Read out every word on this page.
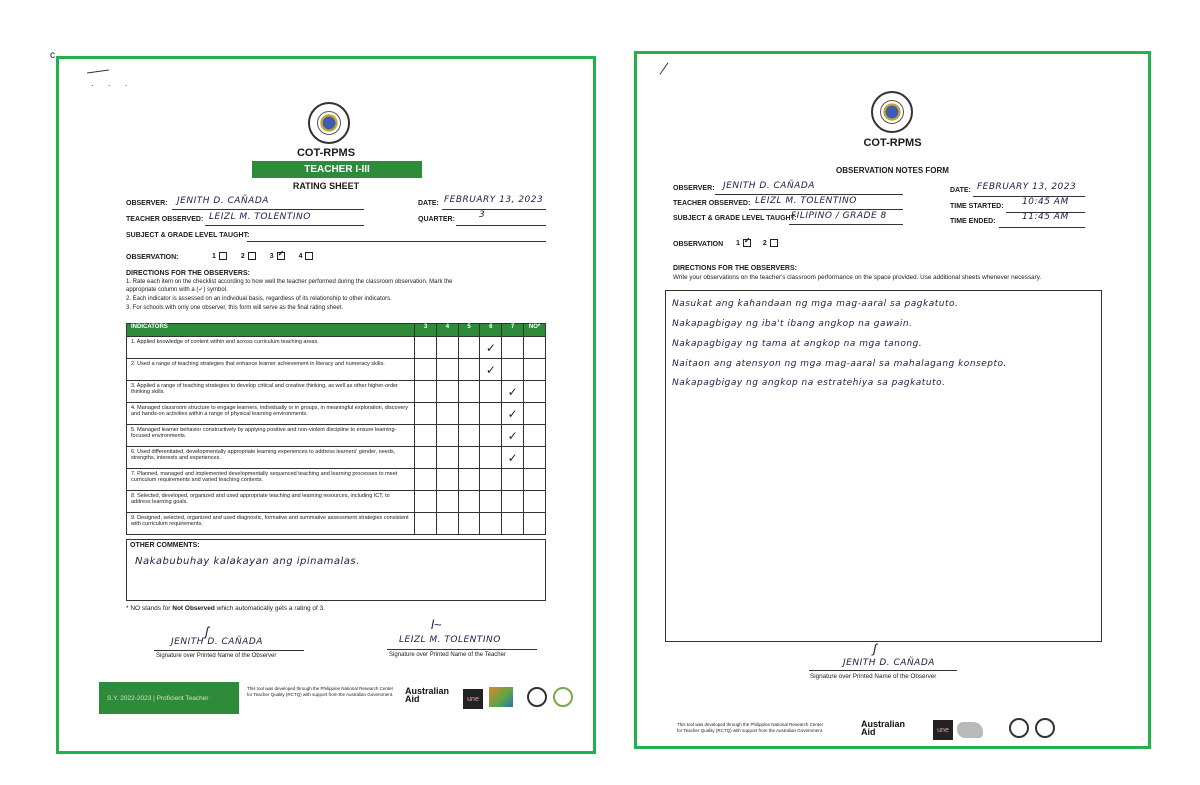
c
· · ·
COT-RPMS
TEACHER I-III
RATING SHEET
OBSERVER: JENITH D. CAÑADA	DATE: FEBRUARY 13, 2023
TEACHER OBSERVED: LEIZL M. TOLENTINO	QUARTER:	3
SUBJECT & GRADE LEVEL TAUGHT:
OBSERVATION:	1	2	3 ✓	4
DIRECTIONS FOR THE OBSERVERS:
1. Rate each item on the checklist according to how well the teacher performed during the classroom observation. Mark the
appropriate column with a (✓) symbol.
2. Each indicator is assessed on an individual basis, regardless of its relationship to other indicators.
3. For schools with only one observer, this form will serve as the final rating sheet.
INDICATORS	3	4	5	6	7	NO*
1. Applied knowledge of content within and across curriculum teaching areas.				✓		
2. Used a range of teaching strategies that enhance learner achievement in literacy and numeracy skills.				✓		
3. Applied a range of teaching strategies to develop critical and creative thinking, as well as other higher-order thinking skills.					✓	
4. Managed classroom structure to engage learners, individually or in groups, in meaningful exploration, discovery and hands-on activities within a range of physical learning environments.					✓	
5. Managed learner behavior constructively by applying positive and non-violent discipline to ensure learning-focused environments.					✓	
6. Used differentiated, developmentally appropriate learning experiences to address learners' gender, needs, strengths, interests and experiences.					✓	
7. Planned, managed and implemented developmentally sequenced teaching and learning processes to meet curriculum requirements and varied teaching contexts.						
8. Selected, developed, organized and used appropriate teaching and learning resources, including ICT, to address learning goals.						
9. Designed, selected, organized and used diagnostic, formative and summative assessment strategies consistent with curriculum requirements.						
OTHER COMMENTS:
Nakabubuhay kalakayan ang ipinamalas.
* NO stands for Not Observed which automatically gets a rating of 3.
JENITH D. CAÑADA
ʃ
Signature over Printed Name of the Observer
LEIZL M. TOLENTINO
ɫ~
Signature over Printed Name of the Teacher
S.Y. 2022-2023 | Proficient Teacher
This tool was developed through the Philippine National Research Center for Teacher Quality (RCTQ) with support from the Australian Government.	Australian Aid	une
COT-RPMS
OBSERVATION NOTES FORM
OBSERVER: JENITH D. CAÑADA	DATE: FEBRUARY 13, 2023
TEACHER OBSERVED: LEIZL M. TOLENTINO
TIME STARTED: 10:45 AM
SUBJECT & GRADE LEVEL TAUGHT:
FILIPINO / GRADE 8
TIME ENDED:	11:45 AM
OBSERVATION 1 ✓	2
DIRECTIONS FOR THE OBSERVERS:
Write your observations on the teacher's classroom performance on the space provided. Use additional sheets whenever necessary.
Nasukat ang kahandaan ng mga mag-aaral sa pagkatuto.
Nakapagbigay ng iba't ibang angkop na gawain.
Nakapagbigay ng tama at angkop na mga tanong.
Naitaon ang atensyon ng mga mag-aaral sa mahalagang konsepto.
Nakapagbigay ng angkop na estratehiya sa pagkatuto.
ʃ
JENITH D. CAÑADA
Signature over Printed Name of the Observer
This tool was developed through the Philippine National Research Center for Teacher Quality (RCTQ) with support from the Australian Government.
Australian Aid	une
